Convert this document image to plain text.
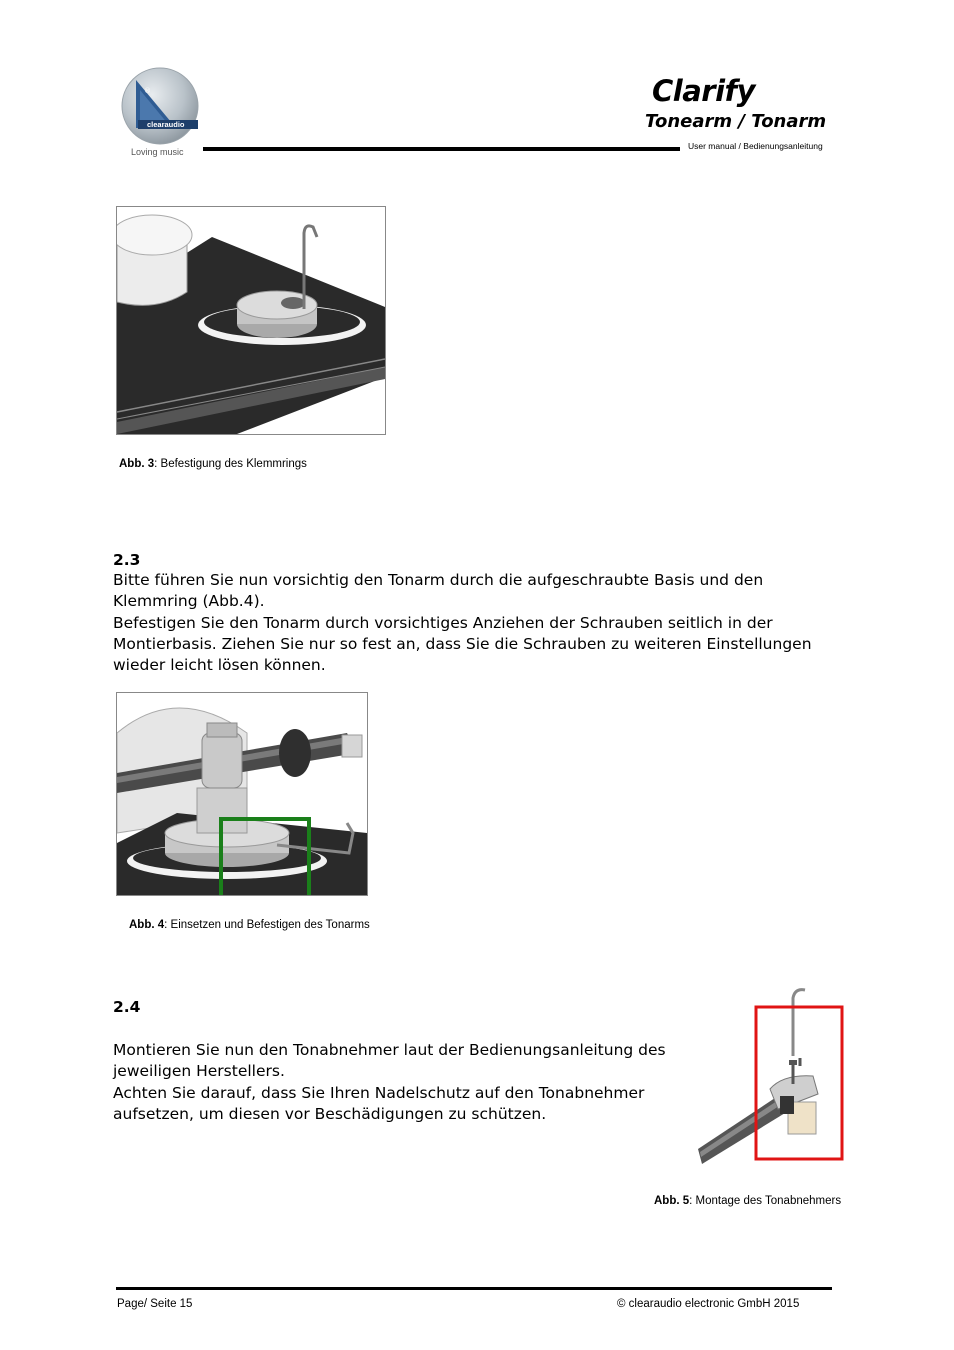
®
clearaudio
Loving music
Clarify
Tonearm / Tonarm
User manual / Bedienungsanleitung
Abb. 3: Befestigung des Klemmrings
2.3

Bitte führen Sie nun vorsichtig den Tonarm durch die aufgeschraubte Basis und den Klemmring (Abb.4).

Befestigen Sie den Tonarm durch vorsichtiges Anziehen der Schrauben seitlich in der Montierbasis. Ziehen Sie nur so fest an, dass Sie die Schrauben zu weiteren Einstellungen wieder leicht lösen können.

Abb. 4: Einsetzen und Befestigen des Tonarms
2.4

Montieren Sie nun den Tonabnehmer laut der Bedienungsanleitung des jeweiligen Herstellers.

Achten Sie darauf, dass Sie Ihren Nadelschutz auf den Tonabnehmer aufsetzen, um diesen vor Beschädigungen zu schützen.

Abb. 5: Montage des Tonabnehmers
Page/ Seite 15	© clearaudio electronic GmbH 2015
